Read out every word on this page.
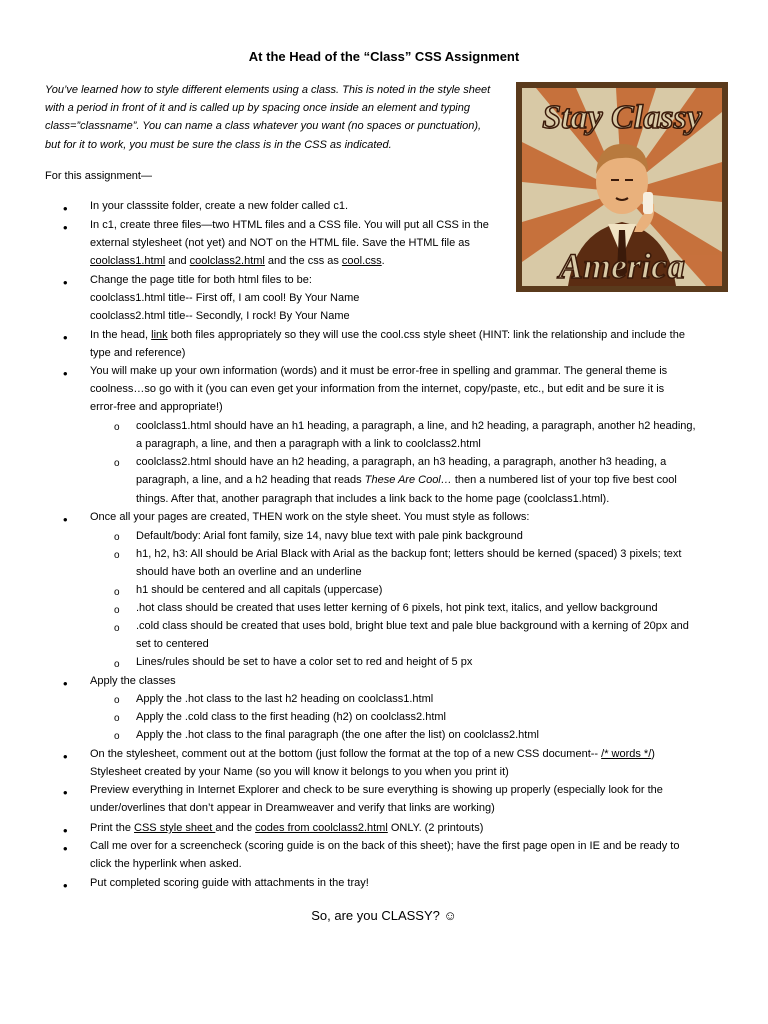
At the Head of the “Class” CSS Assignment
You’ve learned how to style different elements using a class. This is noted in the style sheet with a period in front of it and is called up by spacing once inside an element and typing class=”classname”. You can name a class whatever you want (no spaces or punctuation), but for it to work, you must be sure the class is in the CSS as indicated.
Stay Classy
America
For this assignment—
• In your classsite folder, create a new folder called c1.
• In c1, create three files—two HTML files and a CSS file. You will put all CSS in the
external stylesheet (not yet) and NOT on the HTML file. Save the HTML file as
coolclass1.html and coolclass2.html and the css as cool.css.
• Change the page title for both html files to be:
coolclass1.html title-- First off, I am cool! By Your Name
coolclass2.html title-- Secondly, I rock! By Your Name
• In the head, link both files appropriately so they will use the cool.css style sheet (HINT: link the relationship and include the
type and reference)
• You will make up your own information (words) and it must be error-free in spelling and grammar. The general theme is
coolness…so go with it (you can even get your information from the internet, copy/paste, etc., but edit and be sure it is
error-free and appropriate!)
o coolclass1.html should have an h1 heading, a paragraph, a line, and h2 heading, a paragraph, another h2 heading,
a paragraph, a line, and then a paragraph with a link to coolclass2.html
o coolclass2.html should have an h2 heading, a paragraph, an h3 heading, a paragraph, another h3 heading, a
paragraph, a line, and a h2 heading that reads These Are Cool… then a numbered list of your top five best cool
things. After that, another paragraph that includes a link back to the home page (coolclass1.html).
• Once all your pages are created, THEN work on the style sheet. You must style as follows:
o Default/body: Arial font family, size 14, navy blue text with pale pink background
o h1, h2, h3: All should be Arial Black with Arial as the backup font; letters should be kerned (spaced) 3 pixels; text
should have both an overline and an underline
o h1 should be centered and all capitals (uppercase)
o .hot class should be created that uses letter kerning of 6 pixels, hot pink text, italics, and yellow background
o .cold class should be created that uses bold, bright blue text and pale blue background with a kerning of 20px and
set to centered
o Lines/rules should be set to have a color set to red and height of 5 px
• Apply the classes
o Apply the .hot class to the last h2 heading on coolclass1.html
o Apply the .cold class to the first heading (h2) on coolclass2.html
o Apply the .hot class to the final paragraph (the one after the list) on coolclass2.html
• On the stylesheet, comment out at the bottom (just follow the format at the top of a new CSS document-- /* words */)
Stylesheet created by your Name (so you will know it belongs to you when you print it)
• Preview everything in Internet Explorer and check to be sure everything is showing up properly (especially look for the
under/overlines that don’t appear in Dreamweaver and verify that links are working)
• Print the CSS style sheet and the codes from coolclass2.html ONLY. (2 printouts)
• Call me over for a screencheck (scoring guide is on the back of this sheet); have the first page open in IE and be ready to
click the hyperlink when asked.
• Put completed scoring guide with attachments in the tray!
So, are you CLASSY? ☺
